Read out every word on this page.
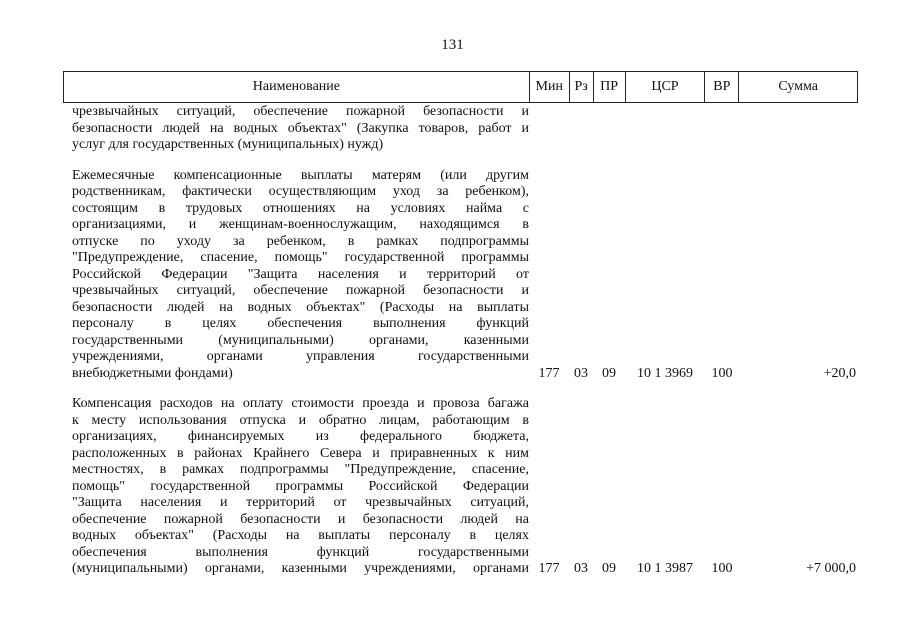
131
Наименование	Мин Рз ПР	ЦСР	ВР	Сумма
чрезвычайных ситуаций, обеспечение пожарной безопасности и
безопасности людей на водных объектах" (Закупка товаров, работ и
услуг для государственных (муниципальных) нужд)
Ежемесячные компенсационные выплаты матерям (или другим
родственникам, фактически осуществляющим уход за ребенком),
состоящим в трудовых отношениях на условиях найма с
организациями, и женщинам-военнослужащим, находящимся в
отпуске по уходу за ребенком, в рамках подпрограммы
"Предупреждение, спасение, помощь" государственной программы
Российской Федерации "Защита населения и территорий от
чрезвычайных ситуаций, обеспечение пожарной безопасности и
безопасности людей на водных объектах" (Расходы на выплаты
персоналу в целях обеспечения выполнения функций
государственными (муниципальными) органами, казенными
учреждениями, органами управления государственными
внебюджетными фондами)	177	03	09	10 1 3969	100	+20,0
Компенсация расходов на оплату стоимости проезда и провоза багажа
к месту использования отпуска и обратно лицам, работающим в
организациях, финансируемых из федерального бюджета,
расположенных в районах Крайнего Севера и приравненных к ним
местностях, в рамках подпрограммы "Предупреждение, спасение,
помощь" государственной программы Российской Федерации
"Защита населения и территорий от чрезвычайных ситуаций,
обеспечение пожарной безопасности и безопасности людей на
водных объектах" (Расходы на выплаты персоналу в целях
обеспечения выполнения функций государственными
(муниципальными) органами, казенными учреждениями, органами 177	03	09	10 1 3987	100	+7 000,0
